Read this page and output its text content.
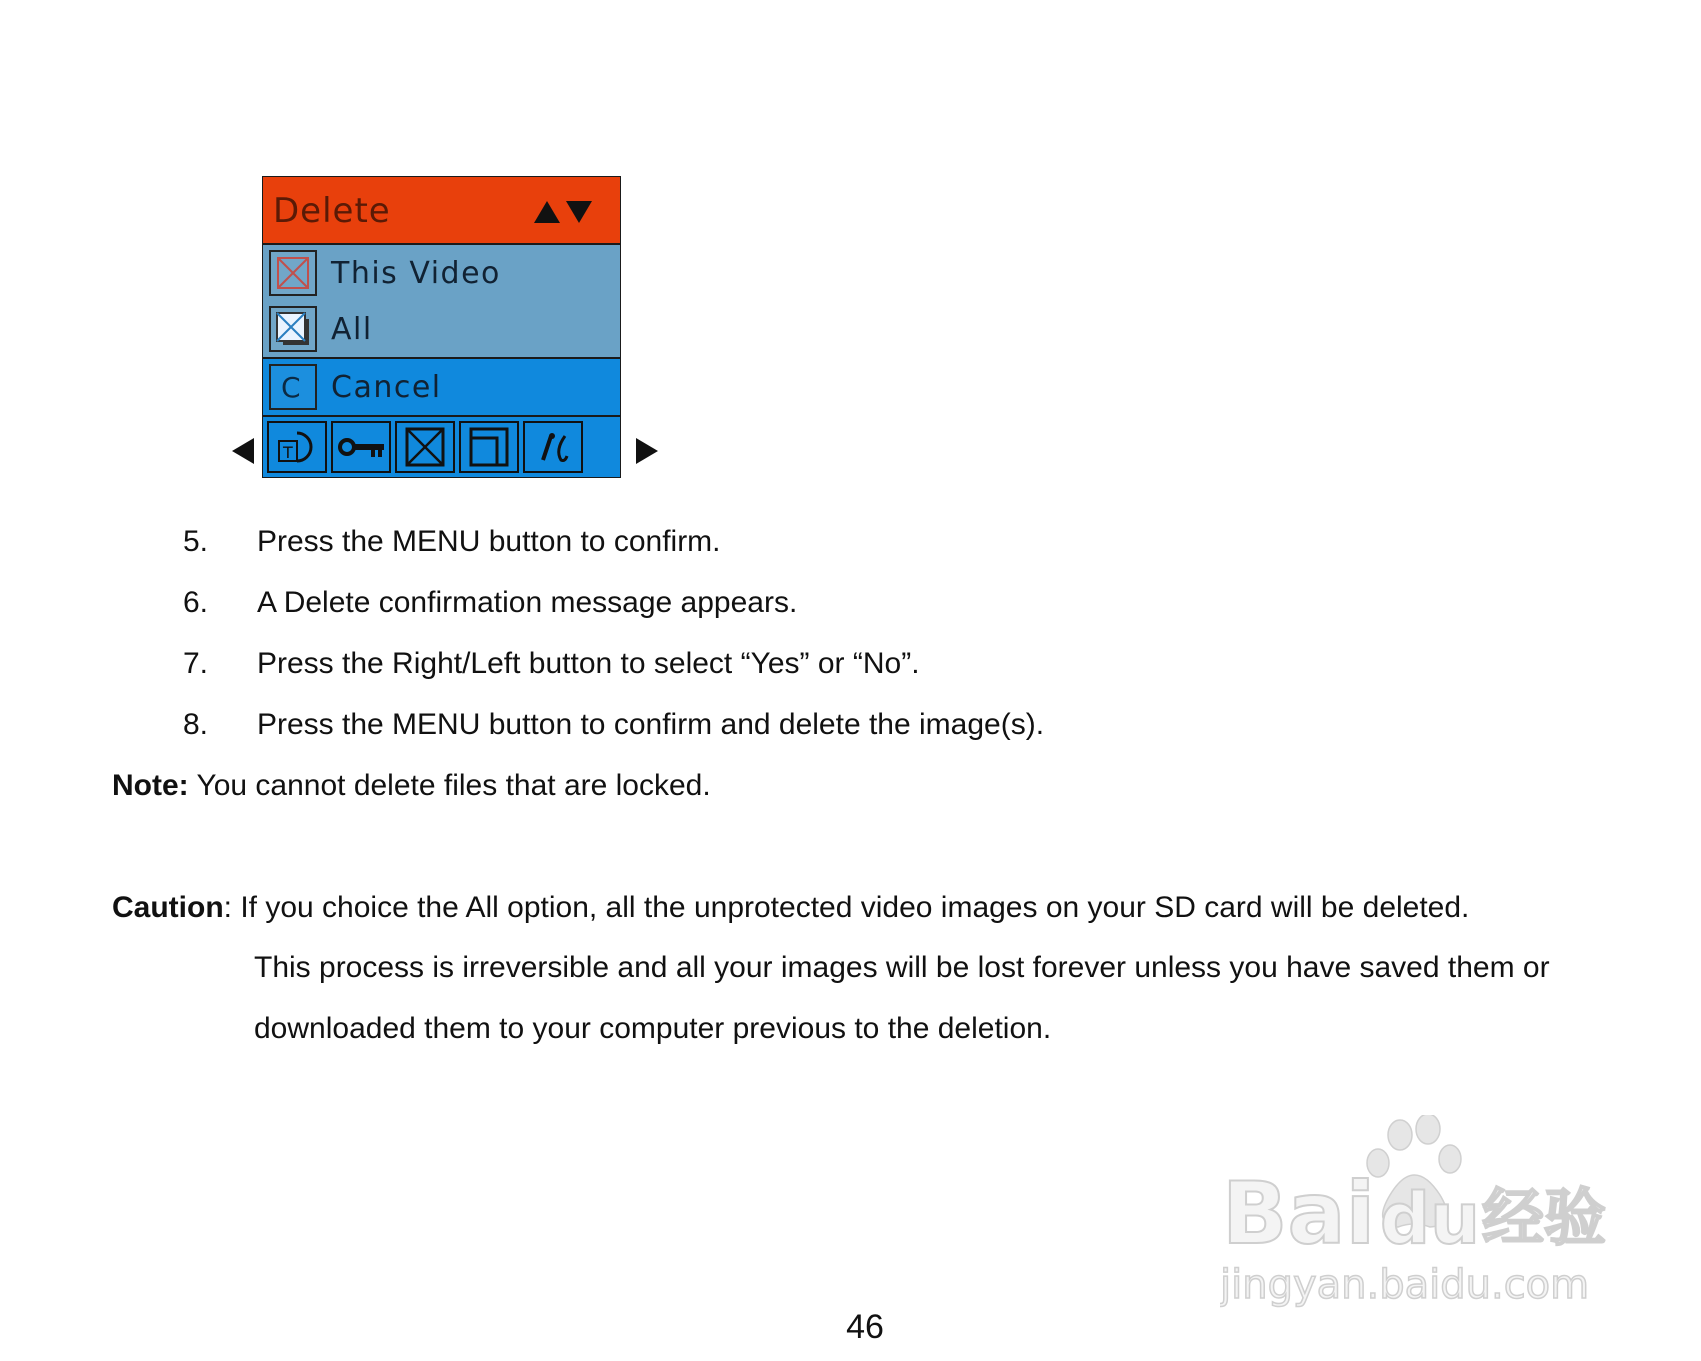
Delete
This Video
All
C Cancel
T
5. Press the MENU button to confirm.
6. A Delete confirmation message appears.
7. Press the Right/Left button to select “Yes” or “No”.
8. Press the MENU button to confirm and delete the image(s).
Note: You cannot delete files that are locked.
Caution: If you choice the All option, all the unprotected video images on your SD card will be deleted.
This process is irreversible and all your images will be lost forever unless you have saved them or
downloaded them to your computer previous to the deletion.
46
Bai du 经验
jingyan.baidu.com
